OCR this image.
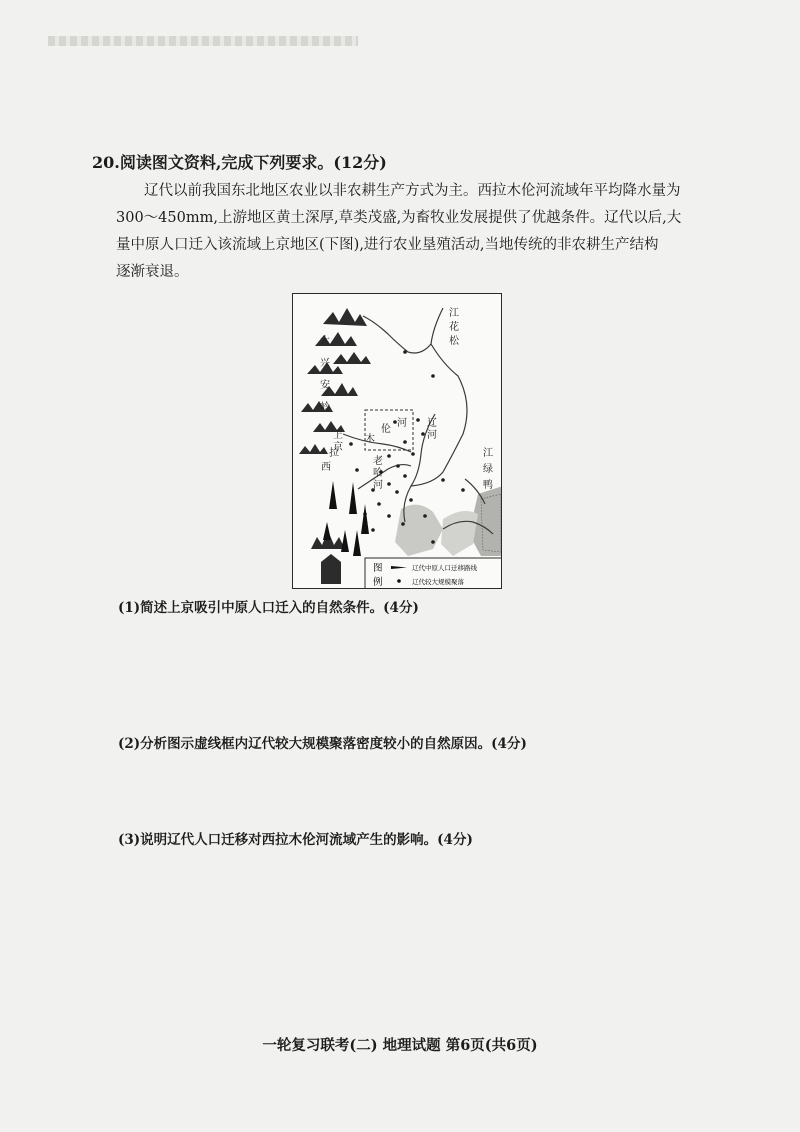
20.阅读图文资料,完成下列要求。(12分)

辽代以前我国东北地区农业以非农耕生产方式为主。西拉木伦河流域年平均降水量为
300～450mm,上游地区黄土深厚,草类茂盛,为畜牧业发展提供了优越条件。辽代以后,大
量中原人口迁入该流域上京地区(下图),进行农业垦殖活动,当地传统的非农耕生产结构
逐渐衰退。

大
兴
安
岭
江
花
松
西
拉
木
伦
河
上
京
老
哈
河
辽
河
江
绿
鸭
图
例
辽代中原人口迁移路线
辽代较大规模聚落
(1)简述上京吸引中原人口迁入的自然条件。(4分)
(2)分析图示虚线框内辽代较大规模聚落密度较小的自然原因。(4分)
(3)说明辽代人口迁移对西拉木伦河流域产生的影响。(4分)
一轮复习联考(二) 地理试题 第6页(共6页)
